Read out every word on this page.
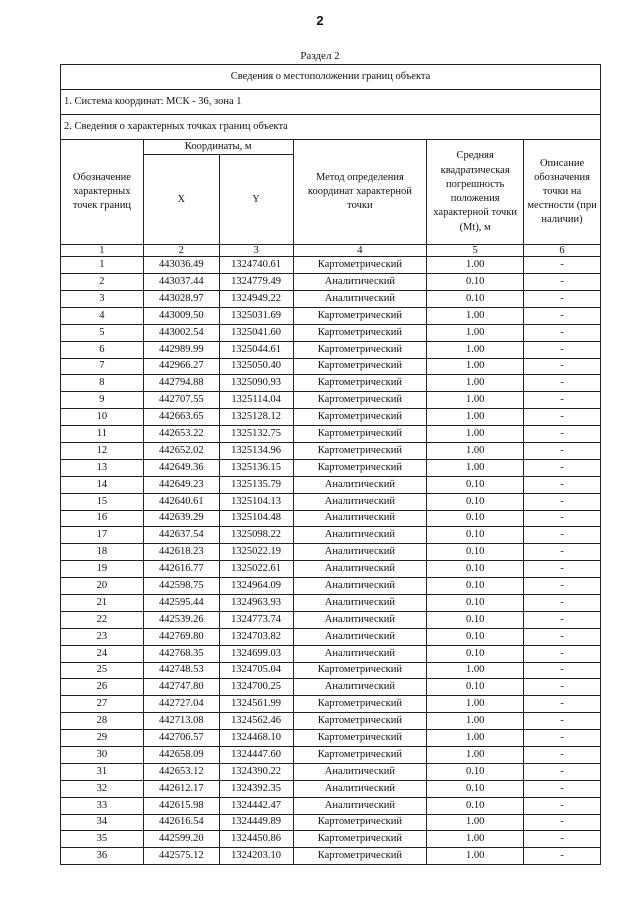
2
Раздел 2
Сведения о местоположении границ объекта					
1. Система координат: МСК - 36, зона 1					
2. Сведения о характерных точках границ объекта					
Обозначение характерных точек границ	Координаты, м		Метод определения координат характерной точки	Средняя квадратическая погрешность положения характерной точки (Mt), м	Описание обозначения точки на местности (при наличии)
	X	Y			
1	2	3	4	5	6
1	443036.49	1324740.61	Картометрический	1.00	-
2	443037.44	1324779.49	Аналитический	0.10	-
3	443028.97	1324949.22	Аналитический	0.10	-
4	443009.50	1325031.69	Картометрический	1.00	-
5	443002.54	1325041.60	Картометрический	1.00	-
6	442989.99	1325044.61	Картометрический	1.00	-
7	442966.27	1325050.40	Картометрический	1.00	-
8	442794.88	1325090.93	Картометрический	1.00	-
9	442707.55	1325114.04	Картометрический	1.00	-
10	442663.65	1325128.12	Картометрический	1.00	-
11	442653.22	1325132.75	Картометрический	1.00	-
12	442652.02	1325134.96	Картометрический	1.00	-
13	442649.36	1325136.15	Картометрический	1.00	-
14	442649.23	1325135.79	Аналитический	0.10	-
15	442640.61	1325104.13	Аналитический	0.10	-
16	442639.29	1325104.48	Аналитический	0.10	-
17	442637.54	1325098.22	Аналитический	0.10	-
18	442618.23	1325022.19	Аналитический	0.10	-
19	442616.77	1325022.61	Аналитический	0.10	-
20	442598.75	1324964.09	Аналитический	0.10	-
21	442595.44	1324963.93	Аналитический	0.10	-
22	442539.26	1324773.74	Аналитический	0.10	-
23	442769.80	1324703.82	Аналитический	0.10	-
24	442768.35	1324699.03	Аналитический	0.10	-
25	442748.53	1324705.04	Картометрический	1.00	-
26	442747.80	1324700.25	Аналитический	0.10	-
27	442727.04	1324561.99	Картометрический	1.00	-
28	442713.08	1324562.46	Картометрический	1.00	-
29	442706.57	1324468.10	Картометрический	1.00	-
30	442658.09	1324447.60	Картометрический	1.00	-
31	442653.12	1324390.22	Аналитический	0.10	-
32	442612.17	1324392.35	Аналитический	0.10	-
33	442615.98	1324442.47	Аналитический	0.10	-
34	442616.54	1324449.89	Картометрический	1.00	-
35	442599.20	1324450.86	Картометрический	1.00	-
36	442575.12	1324203.10	Картометрический	1.00	-
